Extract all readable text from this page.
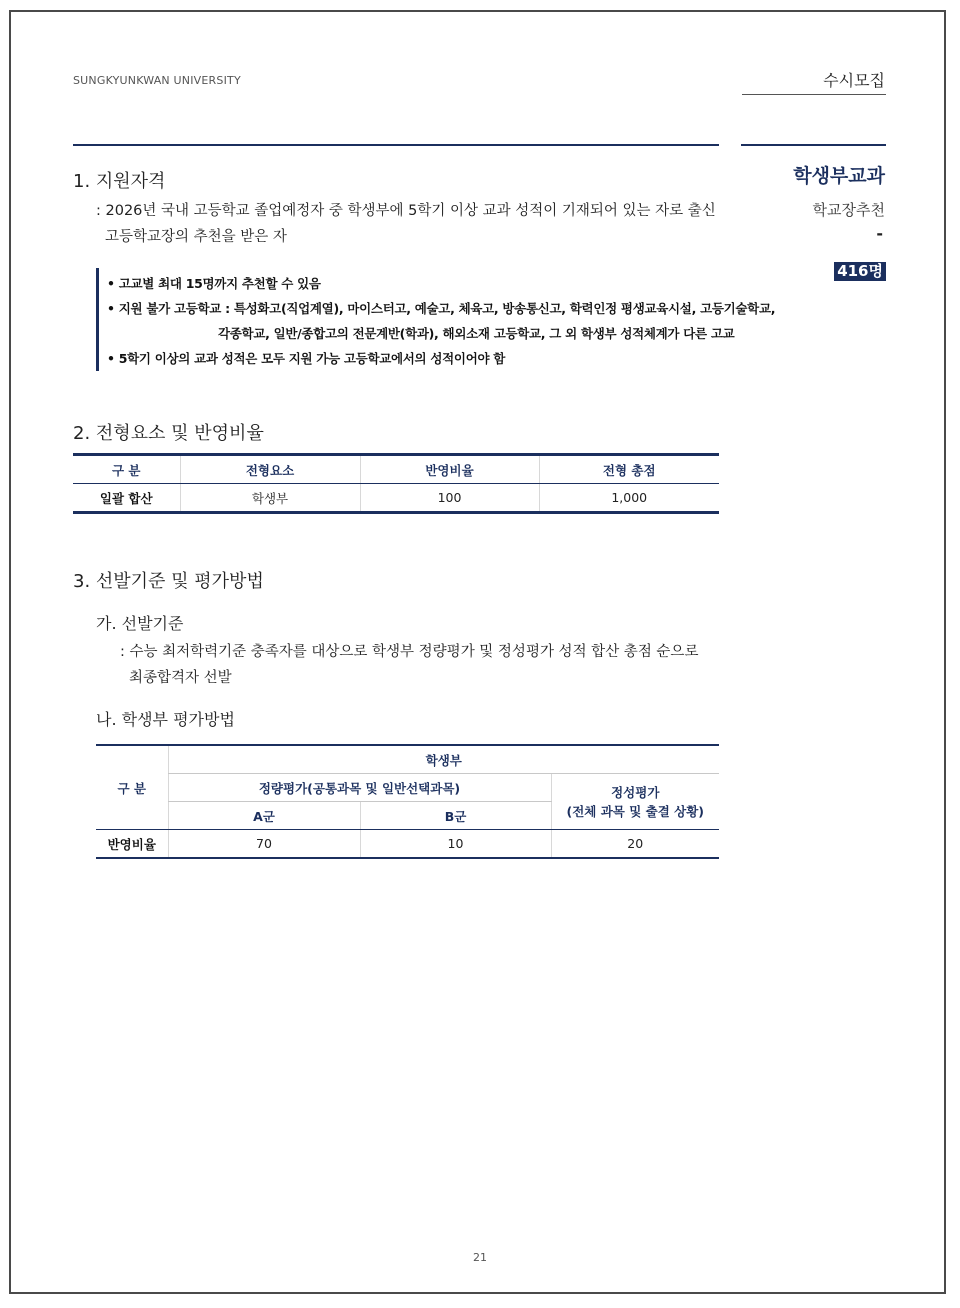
SUNGKYUNKWAN UNIVERSITY	수시모집
학생부교과
학교장추천
-
416명
1. 지원자격
: 2026년 국내 고등학교 졸업예정자 중 학생부에 5학기 이상 교과 성적이 기재되어 있는 자로 출신
고등학교장의 추천을 받은 자
• 고교별 최대 15명까지 추천할 수 있음
• 지원 불가 고등학교 : 특성화고(직업계열), 마이스터고, 예술고, 체육고, 방송통신고, 학력인정 평생교육시설, 고등기술학교,
각종학교, 일반/종합고의 전문계반(학과), 해외소재 고등학교, 그 외 학생부 성적체계가 다른 고교
• 5학기 이상의 교과 성적은 모두 지원 가능 고등학교에서의 성적이어야 함
2. 전형요소 및 반영비율
구 분	전형요소	반영비율	전형 총점
일괄 합산	학생부	100	1,000
3. 선발기준 및 평가방법
가. 선발기준
: 수능 최저학력기준 충족자를 대상으로 학생부 정량평가 및 정성평가 성적 합산 총점 순으로
최종합격자 선발
나. 학생부 평가방법
구 분	학생부		
	정량평가(공통과목 및 일반선택과목)		정성평가
(전체 과목 및 출결 상황)

	A군	B군	
반영비율	70	10	20
21
